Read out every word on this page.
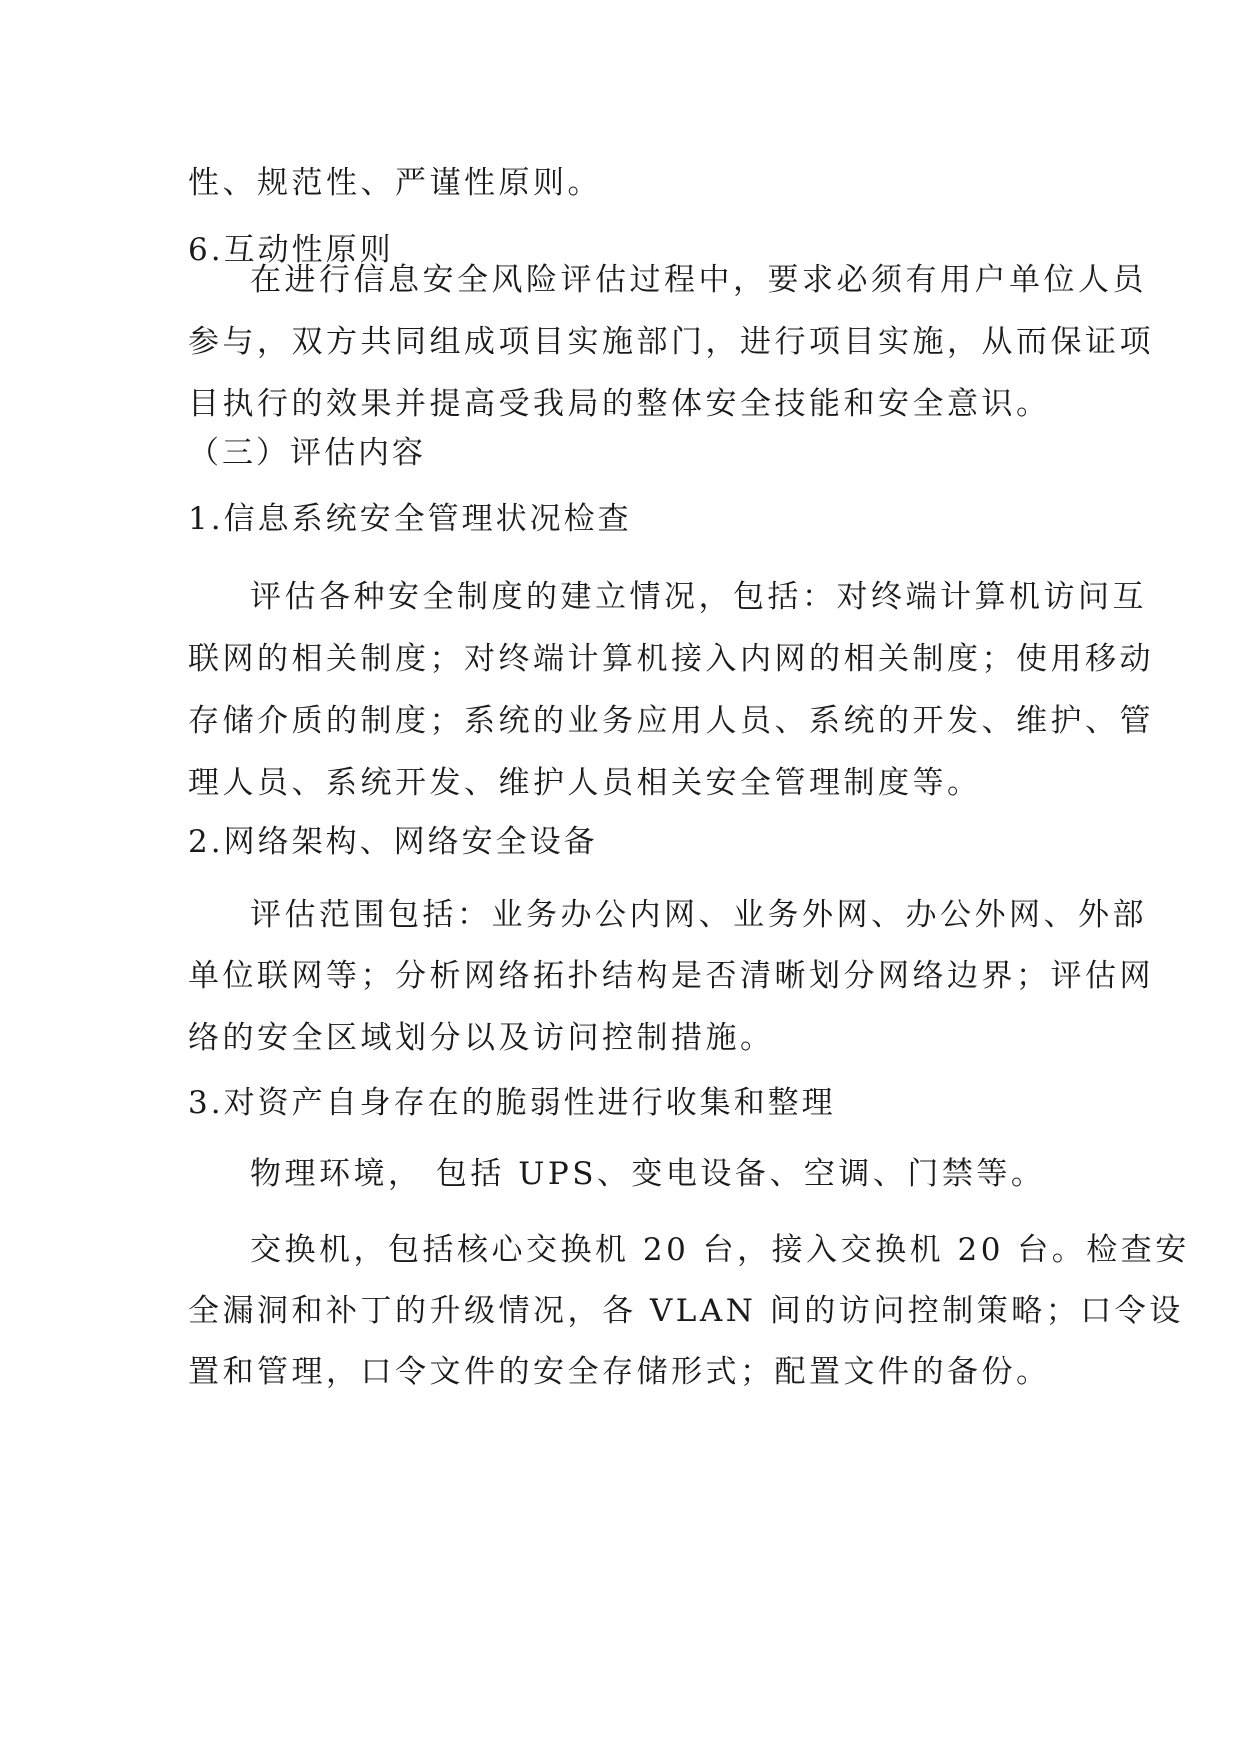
性、规范性、严谨性原则。
6.互动性原则
在进行信息安全风险评估过程中，要求必须有用户单位人员
参与，双方共同组成项目实施部门，进行项目实施，从而保证项
目执行的效果并提高受我局的整体安全技能和安全意识。
（三）评估内容
1.信息系统安全管理状况检查
评估各种安全制度的建立情况，包括：对终端计算机访问互
联网的相关制度；对终端计算机接入内网的相关制度；使用移动
存储介质的制度；系统的业务应用人员、系统的开发、维护、管
理人员、系统开发、维护人员相关安全管理制度等。
2.网络架构、网络安全设备
评估范围包括：业务办公内网、业务外网、办公外网、外部
单位联网等；分析网络拓扑结构是否清晰划分网络边界；评估网
络的安全区域划分以及访问控制措施。
3.对资产自身存在的脆弱性进行收集和整理
物理环境， 包括 UPS、变电设备、空调、门禁等。
交换机，包括核心交换机 20 台，接入交换机 20 台。检查安
全漏洞和补丁的升级情况，各 VLAN 间的访问控制策略；口令设
置和管理，口令文件的安全存储形式；配置文件的备份。
